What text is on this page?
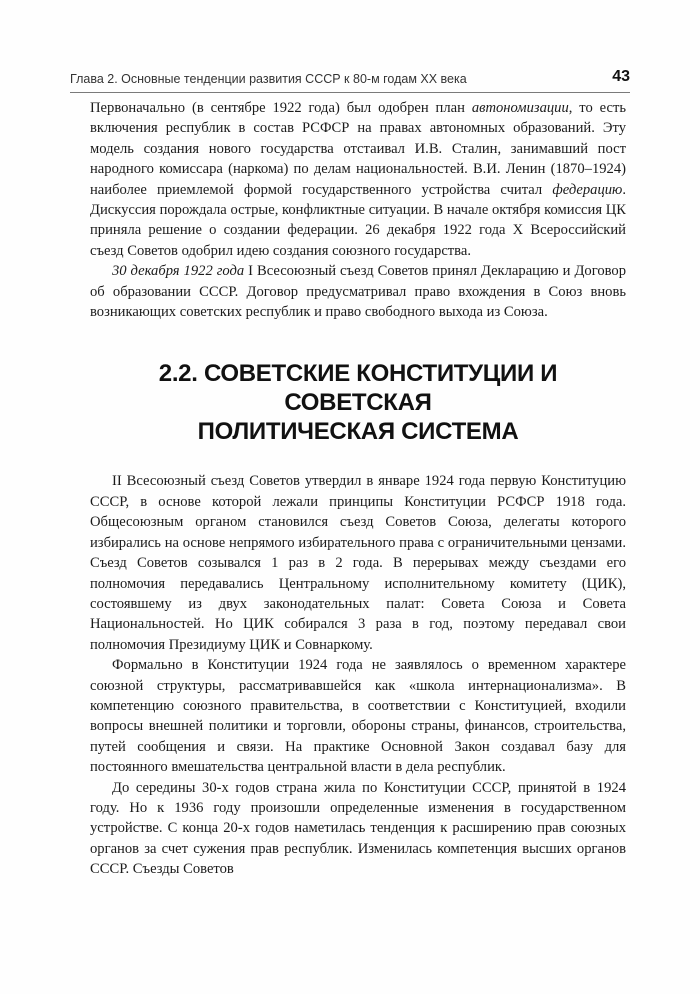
Глава 2. Основные тенденции развития СССР к 80-м годам XX века	43

Первоначально (в сентябре 1922 года) был одобрен план автономизации, то есть включения республик в состав РСФСР на правах автономных образований. Эту модель создания нового государства отстаивал И.В. Сталин, занимавший пост народного комиссара (наркома) по делам национальностей. В.И. Ленин (1870–1924) наиболее приемлемой формой государственного устройства считал федерацию. Дискуссия порождала острые, конфликтные ситуации. В начале октября комиссия ЦК приняла решение о создании федерации. 26 декабря 1922 года X Всероссийский съезд Советов одобрил идею создания союзного государства.

30 декабря 1922 года I Всесоюзный съезд Советов принял Декларацию и Договор об образовании СССР. Договор предусматривал право вхождения в Союз вновь возникающих советских республик и право свободного выхода из Союза.

2.2. СОВЕТСКИЕ КОНСТИТУЦИИ И СОВЕТСКАЯ
ПОЛИТИЧЕСКАЯ СИСТЕМА

II Всесоюзный съезд Советов утвердил в январе 1924 года первую Конституцию СССР, в основе которой лежали принципы Конституции РСФСР 1918 года. Общесоюзным органом становился съезд Советов Союза, делегаты которого избирались на основе непрямого избирательного права с ограничительными цензами. Съезд Советов созывался 1 раз в 2 года. В перерывах между съездами его полномочия передавались Центральному исполнительному комитету (ЦИК), состоявшему из двух законодательных палат: Совета Союза и Совета Национальностей. Но ЦИК собирался 3 раза в год, поэтому передавал свои полномочия Президиуму ЦИК и Совнаркому.

Формально в Конституции 1924 года не заявлялось о временном характере союзной структуры, рассматривавшейся как «школа интернационализма». В компетенцию союзного правительства, в соответствии с Конституцией, входили вопросы внешней политики и торговли, обороны страны, финансов, строительства, путей сообщения и связи. На практике Основной Закон создавал базу для постоянного вмешательства центральной власти в дела республик.

До середины 30-х годов страна жила по Конституции СССР, принятой в 1924 году. Но к 1936 году произошли определенные изменения в государственном устройстве. С конца 20-х годов наметилась тенденция к расширению прав союзных органов за счет сужения прав республик. Изменилась компетенция высших органов СССР. Съезды Советов
